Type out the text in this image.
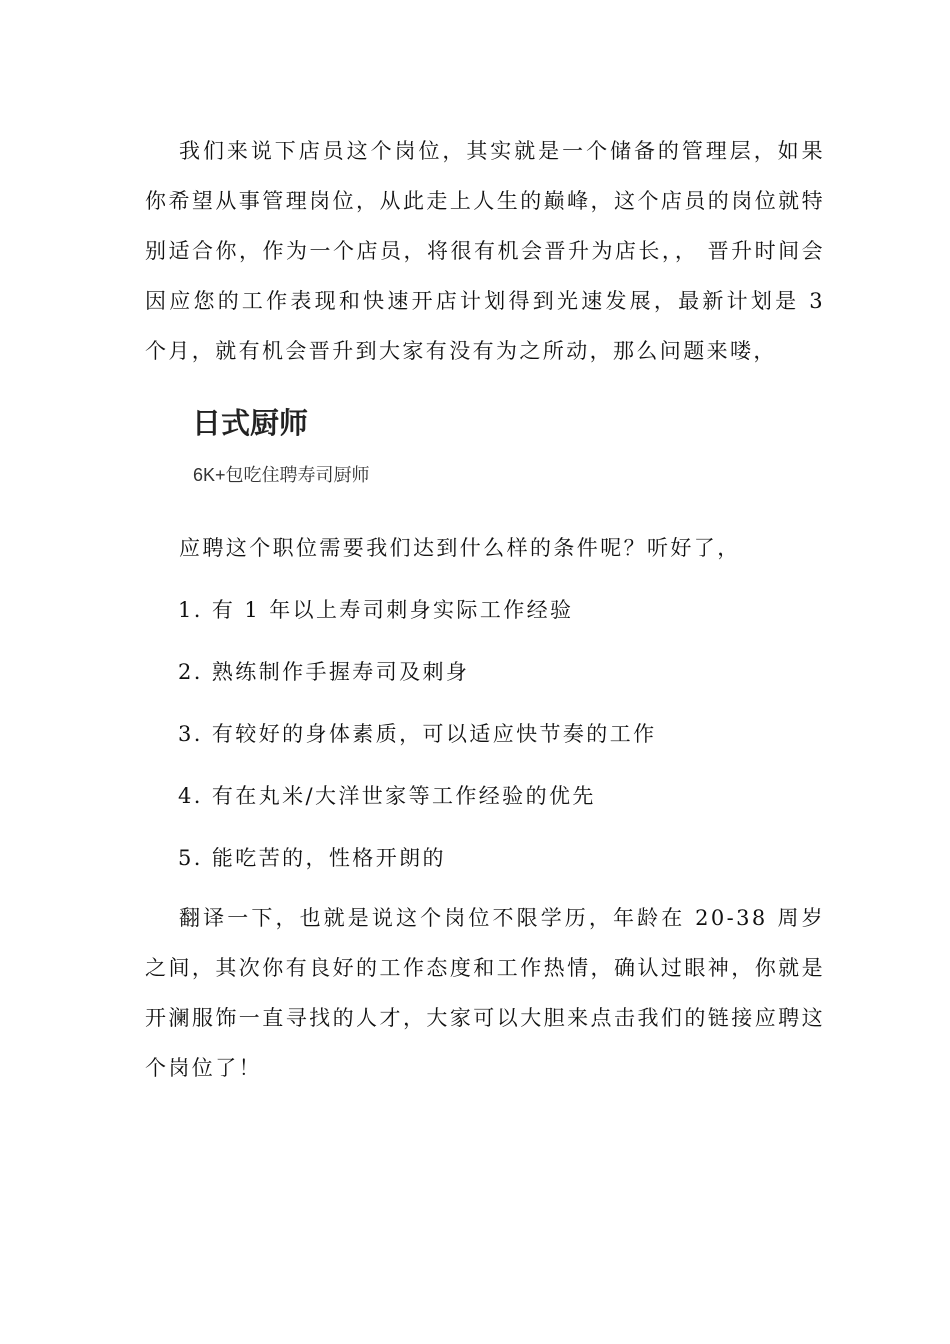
我们来说下店员这个岗位，其实就是一个储备的管理层，如果你希望从事管理岗位，从此走上人生的巅峰，这个店员的岗位就特别适合你，作为一个店员，将很有机会晋升为店长，， 晋升时间会因应您的工作表现和快速开店计划得到光速发展，最新计划是 3 个月，就有机会晋升到大家有没有为之所动，那么问题来喽，

日式厨师
6K+包吃住聘寿司厨师

应聘这个职位需要我们达到什么样的条件呢？听好了，

1. 有 1 年以上寿司刺身实际工作经验

2. 熟练制作手握寿司及刺身

3. 有较好的身体素质，可以适应快节奏的工作

4. 有在丸米/大洋世家等工作经验的优先

5. 能吃苦的，性格开朗的

翻译一下，也就是说这个岗位不限学历，年龄在 20-38 周岁之间，其次你有良好的工作态度和工作热情，确认过眼神，你就是开澜服饰一直寻找的人才，大家可以大胆来点击我们的链接应聘这个岗位了！
